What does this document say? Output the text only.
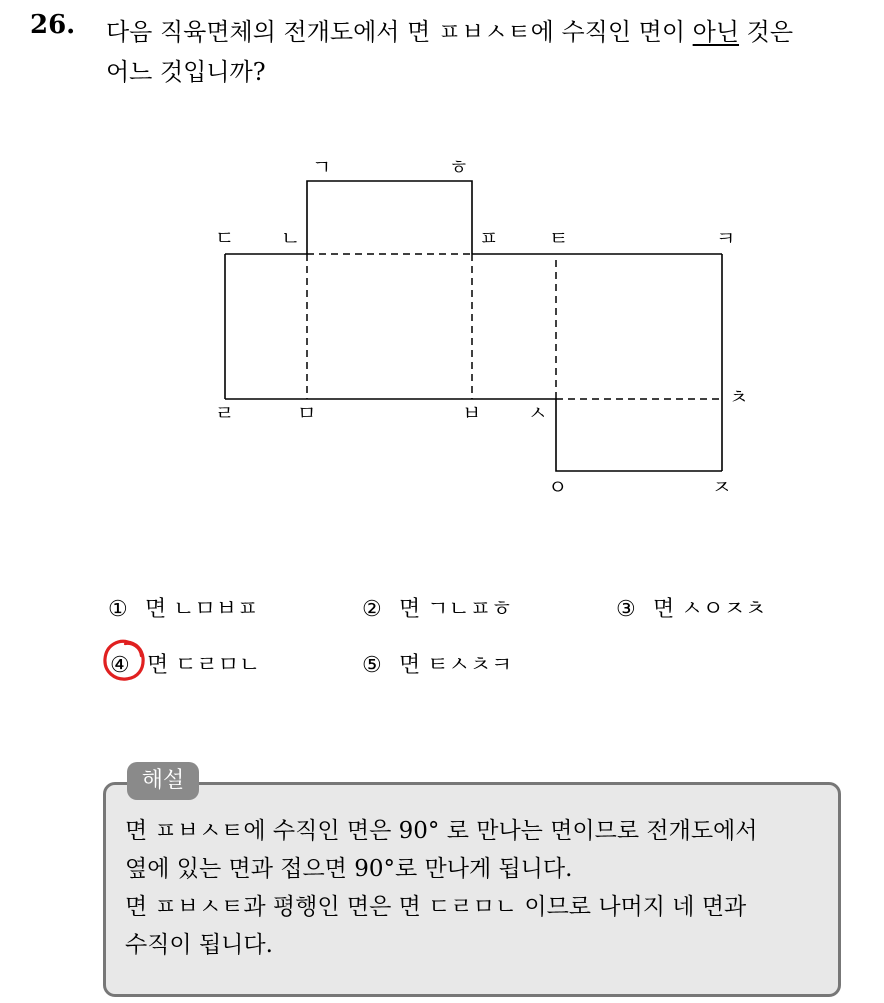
26. 다음 직육면체의 전개도에서 면 ㅍㅂㅅㅌ에 수직인 면이 아닌 것은
어느 것입니까?
ㄱ	ㅎ
ㄷ ㄴ	ㅍ	ㅌ	ㅋ
ㅊ
ㄹ	ㅁ	ㅂ ㅅ
ㅇ	ㅈ
① 면 ㄴㅁㅂㅍ	② 면 ㄱㄴㅍㅎ	③ 면 ㅅㅇㅈㅊ
④ 면 ㄷㄹㅁㄴ	⑤ 면 ㅌㅅㅊㅋ
해설

면 ㅍㅂㅅㅌ에 수직인 면은 90° 로 만나는 면이므로 전개도에서

옆에 있는 면과 접으면 90°로 만나게 됩니다.

면 ㅍㅂㅅㅌ과 평행인 면은 면 ㄷㄹㅁㄴ 이므로 나머지 네 면과

수직이 됩니다.
